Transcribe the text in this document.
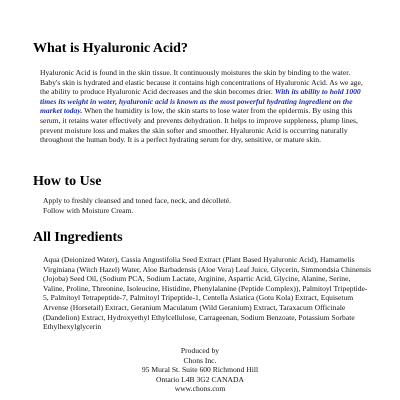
What is Hyaluronic Acid?
Hyaluronic Acid is found in the skin tissue. It continuously moistures the skin by binding to the water. Baby's skin is hydrated and elastic because it contains high concentrations of Hyaluronic Acid. As we age, the ability to produce Hyaluronic Acid decreases and the skin becomes drier. With its ability to hold 1000 times its weight in water, hyaluronic acid is known as the most powerful hydrating ingredient on the market today. When the humidity is low, the skin starts to lose water from the epidermis. By using this serum, it retains water effectively and prevents dehydration. It helps to improve suppleness, plump lines, prevent moisture loss and makes the skin softer and smoother. Hyaluronic Acid is occurring naturally throughout the human body. It is a perfect hydrating serum for dry, sensitive, or mature skin.
How to Use
Apply to freshly cleansed and toned face, neck, and décolleté.
Follow with Moisture Cream.
All Ingredients
Aqua (Deionized Water), Cassia Angustifolia Seed Extract (Plant Based Hyaluronic Acid), Hamamelis Virginiana (Witch Hazel) Water, Aloe Barbadensis (Aloe Vera) Leaf Juice, Glycerin, Simmondsia Chinensis (Jojoba) Seed Oil, (Sodium PCA, Sodium Lactate, Arginine, Aspartic Acid, Glycine, Alanine, Serine, Valine, Proline, Threonine, Isoleucine, Histidine, Phenylalanine (Peptide Complex)), Palmitoyl Tripeptide-5, Palmitoyl Tetrapeptide-7, Palmitoyl Tripeptide-1, Centella Asiatica (Gotu Kola) Extract, Equisetum Arvense (Horsetail) Extract, Geranium Maculatum (Wild Geranium) Extract, Taraxacum Officinale (Dandelion) Extract, Hydroxyethyl Ethylcellulose, Carrageenan, Sodium Benzoate, Potassium Sorbate Ethylhexylglycerin
Produced by
Chons Inc.
95 Mural St. Suite 600 Richmond Hill
Ontario L4B 3G2 CANADA
www.chons.com
